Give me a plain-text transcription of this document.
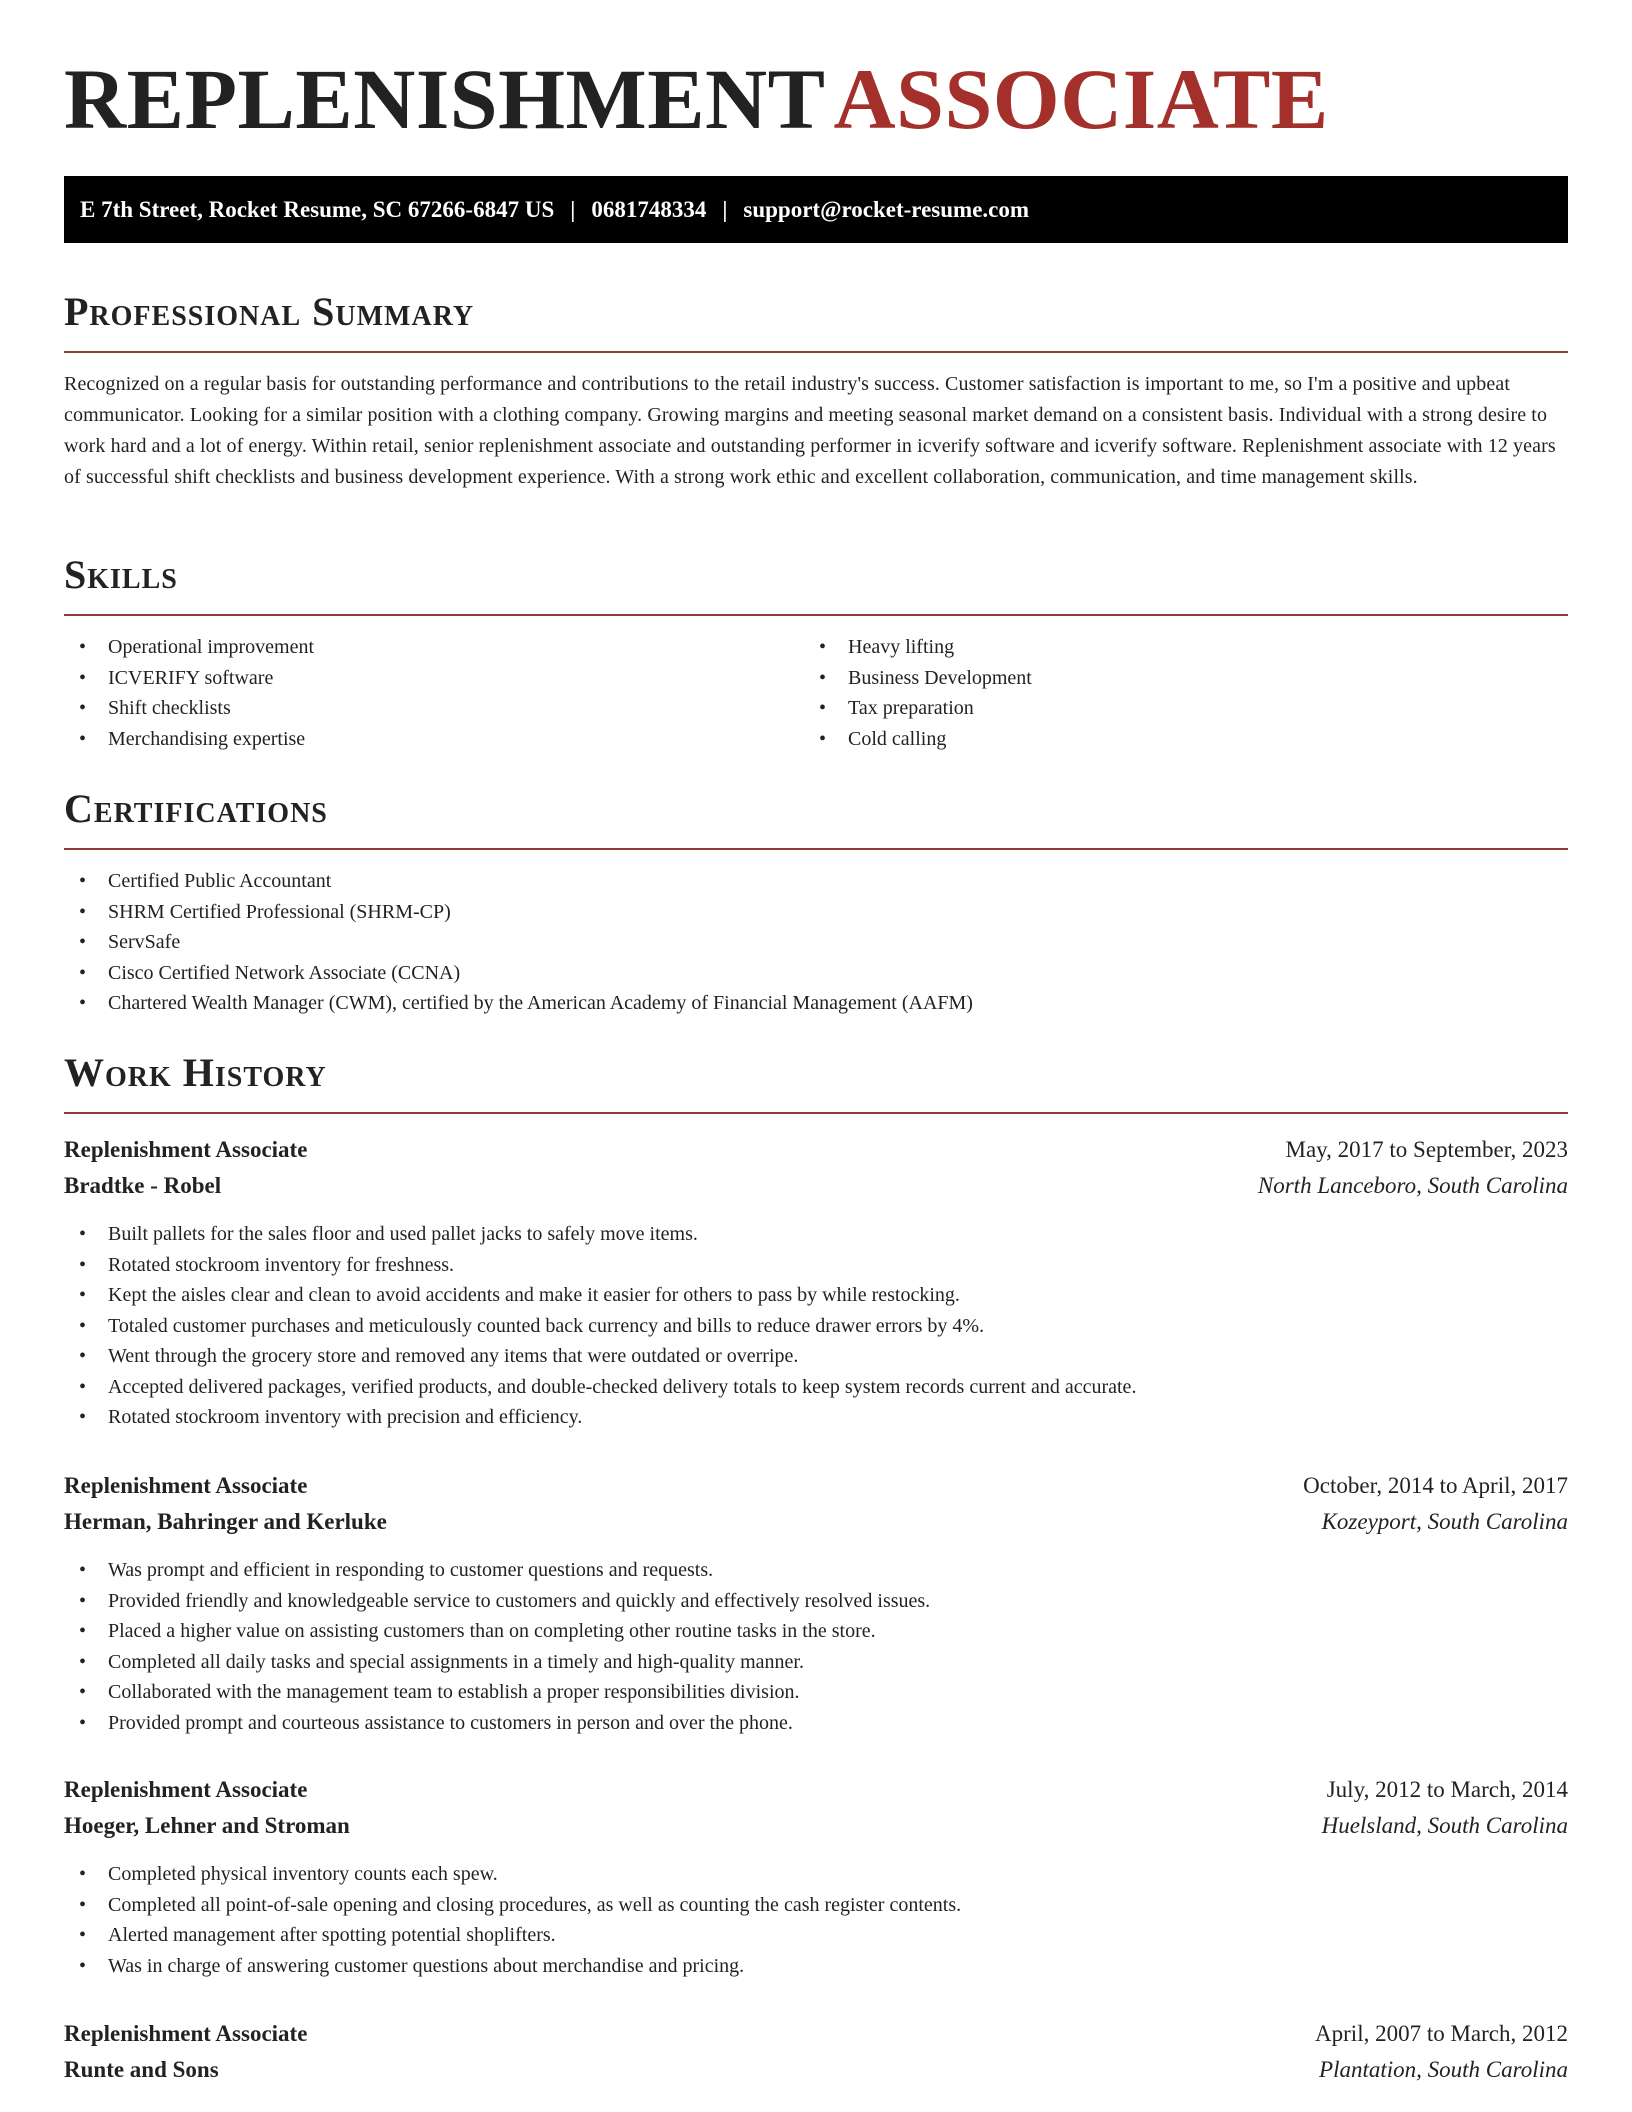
REPLENISHMENTASSOCIATE
E 7th Street, Rocket Resume, SC 67266-6847 US | 0681748334 | support@rocket-resume.com
Professional Summary

Recognized on a regular basis for outstanding performance and contributions to the retail industry's success. Customer satisfaction is important to me, so I'm a positive and upbeat communicator. Looking for a similar position with a clothing company. Growing margins and meeting seasonal market demand on a consistent basis. Individual with a strong desire to work hard and a lot of energy. Within retail, senior replenishment associate and outstanding performer in icverify software and icverify software. Replenishment associate with 12 years of successful shift checklists and business development experience. With a strong work ethic and excellent collaboration, communication, and time management skills.

Skills
• Operational improvement
• ICVERIFY software
• Shift checklists
• Merchandising expertise
• Heavy lifting
• Business Development
• Tax preparation
• Cold calling
Certifications
• Certified Public Accountant
• SHRM Certified Professional (SHRM-CP)
• ServSafe
• Cisco Certified Network Associate (CCNA)
• Chartered Wealth Manager (CWM), certified by the American Academy of Financial Management (AAFM)
Work History
Replenishment Associate	May, 2017 to September, 2023
Bradtke - Robel	North Lanceboro, South Carolina
• Built pallets for the sales floor and used pallet jacks to safely move items.
• Rotated stockroom inventory for freshness.
• Kept the aisles clear and clean to avoid accidents and make it easier for others to pass by while restocking.
• Totaled customer purchases and meticulously counted back currency and bills to reduce drawer errors by 4%.
• Went through the grocery store and removed any items that were outdated or overripe.
• Accepted delivered packages, verified products, and double-checked delivery totals to keep system records current and accurate.
• Rotated stockroom inventory with precision and efficiency.
Replenishment Associate	October, 2014 to April, 2017
Herman, Bahringer and Kerluke	Kozeyport, South Carolina
• Was prompt and efficient in responding to customer questions and requests.
• Provided friendly and knowledgeable service to customers and quickly and effectively resolved issues.
• Placed a higher value on assisting customers than on completing other routine tasks in the store.
• Completed all daily tasks and special assignments in a timely and high-quality manner.
• Collaborated with the management team to establish a proper responsibilities division.
• Provided prompt and courteous assistance to customers in person and over the phone.
Replenishment Associate	July, 2012 to March, 2014
Hoeger, Lehner and Stroman	Huelsland, South Carolina
• Completed physical inventory counts each spew.
• Completed all point-of-sale opening and closing procedures, as well as counting the cash register contents.
• Alerted management after spotting potential shoplifters.
• Was in charge of answering customer questions about merchandise and pricing.
Replenishment Associate	April, 2007 to March, 2012
Runte and Sons	Plantation, South Carolina
